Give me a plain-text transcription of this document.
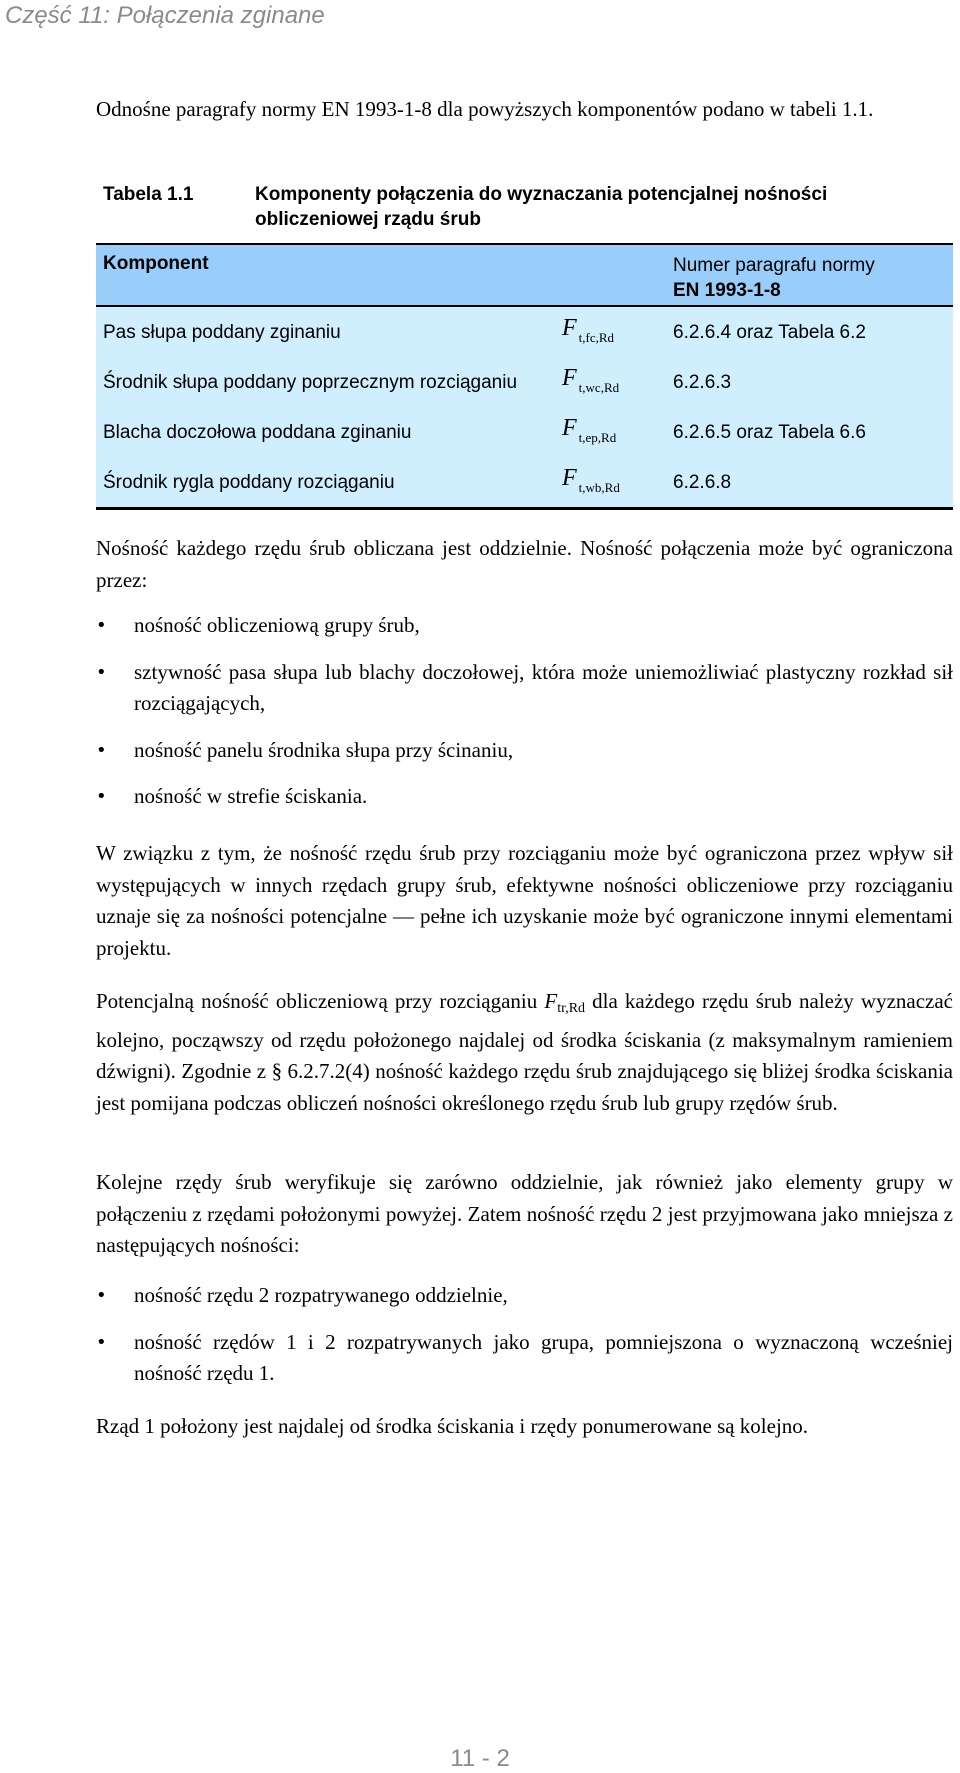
Część 11: Połączenia zginane

Odnośne paragrafy normy EN 1993-1-8 dla powyższych komponentów podano w tabeli 1.1.

Tabela 1.1	Komponenty połączenia do wyznaczania potencjalnej nośności obliczeniowej rządu śrub
Komponent	Numer paragrafu normy
EN 1993-1-8
Pas słupa poddany zginaniu	F $_{t,fc,Rd}$	6.2.6.4 oraz Tabela 6.2
Środnik słupa poddany poprzecznym rozciąganiu F $_{t,wc,Rd}$	6.2.6.3
Blacha doczołowa poddana zginaniu	F $_{t,ep,Rd}$	6.2.6.5 oraz Tabela 6.6
Środnik rygla poddany rozciąganiu	F $_{t,wb,Rd}$	6.2.6.8

Nośność każdego rzędu śrub obliczana jest oddzielnie. Nośność połączenia może być ograniczona przez:

• nośność obliczeniową grupy śrub,
• sztywność pasa słupa lub blachy doczołowej, która może uniemożliwiać plastyczny rozkład sił rozciągających,
• nośność panelu środnika słupa przy ścinaniu,
• nośność w strefie ściskania.

W związku z tym, że nośność rzędu śrub przy rozciąganiu może być ograniczona przez wpływ sił występujących w innych rzędach grupy śrub, efektywne nośności obliczeniowe przy rozciąganiu uznaje się za nośności potencjalne — pełne ich uzyskanie może być ograniczone innymi elementami projektu.

Potencjalną nośność obliczeniową przy rozciąganiu $F_{tr,Rd}$ dla każdego rzędu śrub należy wyznaczać kolejno, począwszy od rzędu położonego najdalej od środka ściskania (z maksymalnym ramieniem dźwigni). Zgodnie z § 6.2.7.2(4) nośność każdego rzędu śrub znajdującego się bliżej środka ściskania jest pomijana podczas obliczeń nośności określonego rzędu śrub lub grupy rzędów śrub.

Kolejne rzędy śrub weryfikuje się zarówno oddzielnie, jak również jako elementy grupy w połączeniu z rzędami położonymi powyżej. Zatem nośność rzędu 2 jest przyjmowana jako mniejsza z następujących nośności:

• nośność rzędu 2 rozpatrywanego oddzielnie,
• nośność rzędów 1 i 2 rozpatrywanych jako grupa, pomniejszona o wyznaczoną wcześniej nośność rzędu 1.

Rząd 1 położony jest najdalej od środka ściskania i rzędy ponumerowane są kolejno.

11 - 2
